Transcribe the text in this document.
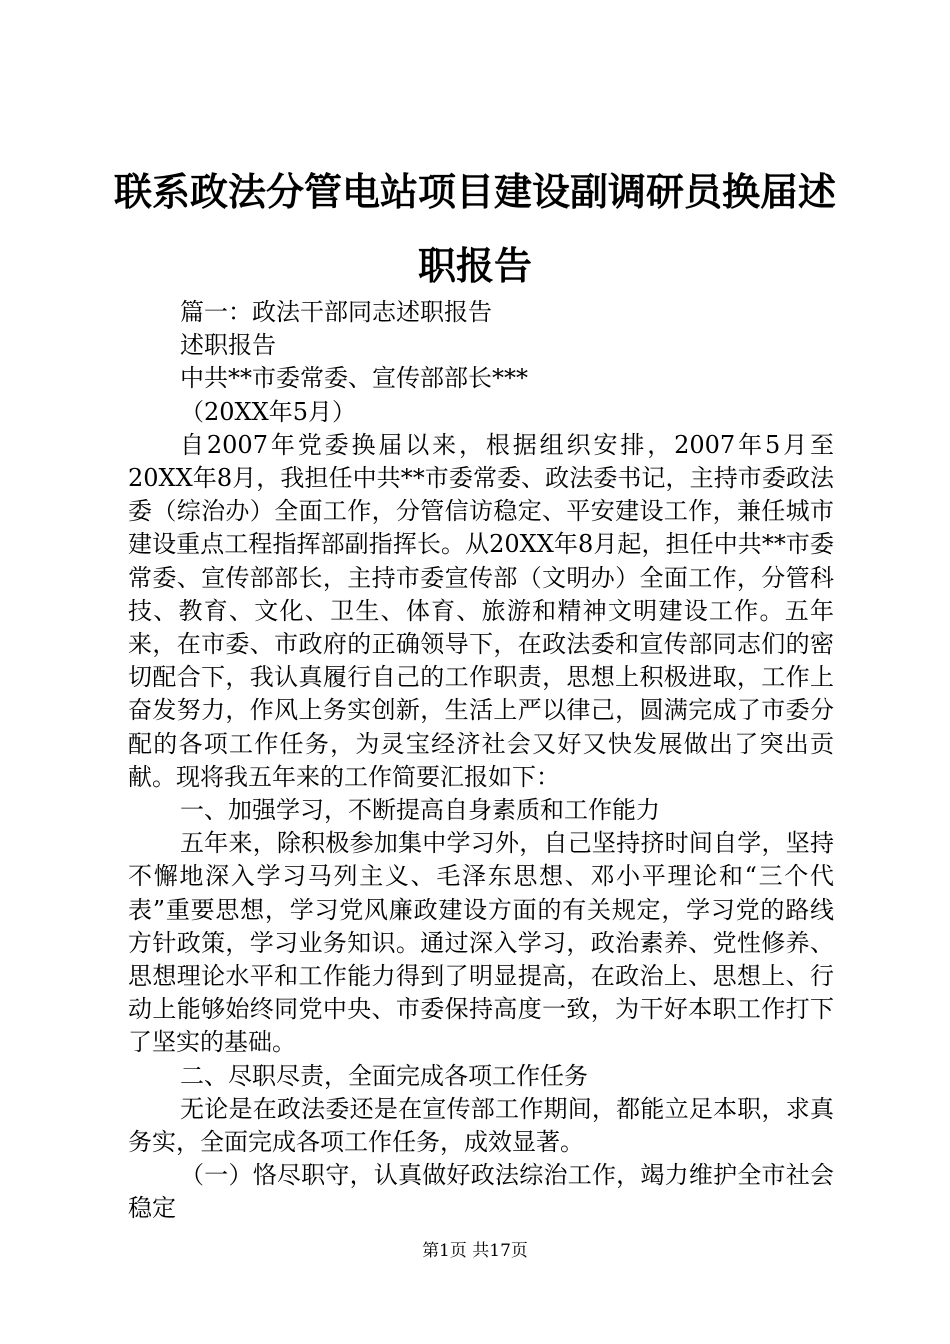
联系政法分管电站项目建设副调研员换届述职报告

篇一：政法干部同志述职报告

述职报告

中共**市委常委、宣传部部长***

（20XX年5月）

自2007年党委换届以来，根据组织安排，2007年5月至20XX年8月，我担任中共**市委常委、政法委书记，主持市委政法委（综治办）全面工作，分管信访稳定、平安建设工作，兼任城市建设重点工程指挥部副指挥长。从20XX年8月起，担任中共**市委常委、宣传部部长，主持市委宣传部（文明办）全面工作，分管科技、教育、文化、卫生、体育、旅游和精神文明建设工作。五年来，在市委、市政府的正确领导下，在政法委和宣传部同志们的密切配合下，我认真履行自己的工作职责，思想上积极进取，工作上奋发努力，作风上务实创新，生活上严以律己，圆满完成了市委分配的各项工作任务，为灵宝经济社会又好又快发展做出了突出贡献。现将我五年来的工作简要汇报如下：

一、加强学习，不断提高自身素质和工作能力

五年来，除积极参加集中学习外，自己坚持挤时间自学，坚持不懈地深入学习马列主义、毛泽东思想、邓小平理论和“三个代表”重要思想，学习党风廉政建设方面的有关规定，学习党的路线方针政策，学习业务知识。通过深入学习，政治素养、党性修养、思想理论水平和工作能力得到了明显提高，在政治上、思想上、行动上能够始终同党中央、市委保持高度一致，为干好本职工作打下了坚实的基础。

二、尽职尽责，全面完成各项工作任务

无论是在政法委还是在宣传部工作期间，都能立足本职，求真务实，全面完成各项工作任务，成效显著。

（一）恪尽职守，认真做好政法综治工作，竭力维护全市社会稳定

第1页 共17页
